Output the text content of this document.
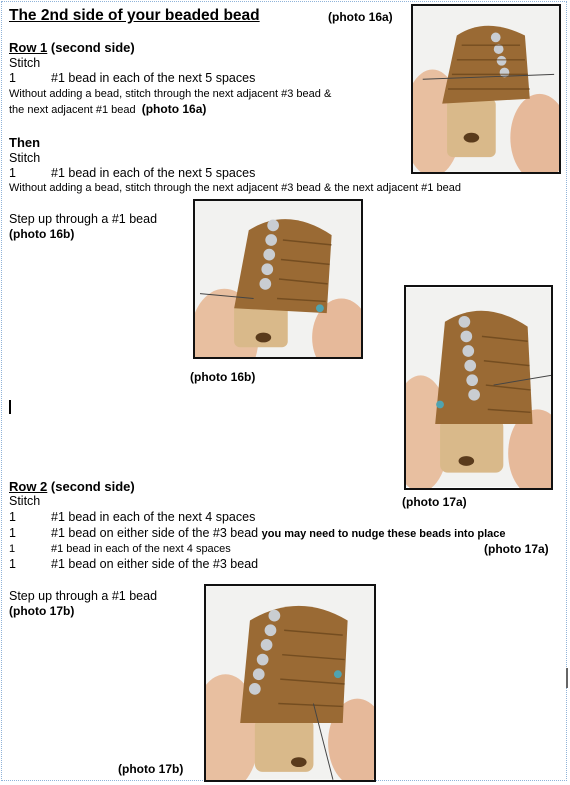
The 2nd side of your beaded bead	(photo 16a)
Row 1 (second side)
Stitch
1	#1 bead in each of the next 5 spaces
Without adding a bead, stitch through the next adjacent #3 bead &
the next adjacent #1 bead (photo 16a)
Then
Stitch
1	#1 bead in each of the next 5 spaces
Without adding a bead, stitch through the next adjacent #3 bead & the next adjacent #1 bead
Step up through a #1 bead
(photo 16b)
(photo 16b)
(photo 17a)
Row 2 (second side)
Stitch
1	#1 bead in each of the next 4 spaces
1	#1 bead on either side of the #3 bead you may need to nudge these beads into place
(photo 17a)
1	#1 bead in each of the next 4 spaces
1	#1 bead on either side of the #3 bead
Step up through a #1 bead
(photo 17b)
(photo 17b)
